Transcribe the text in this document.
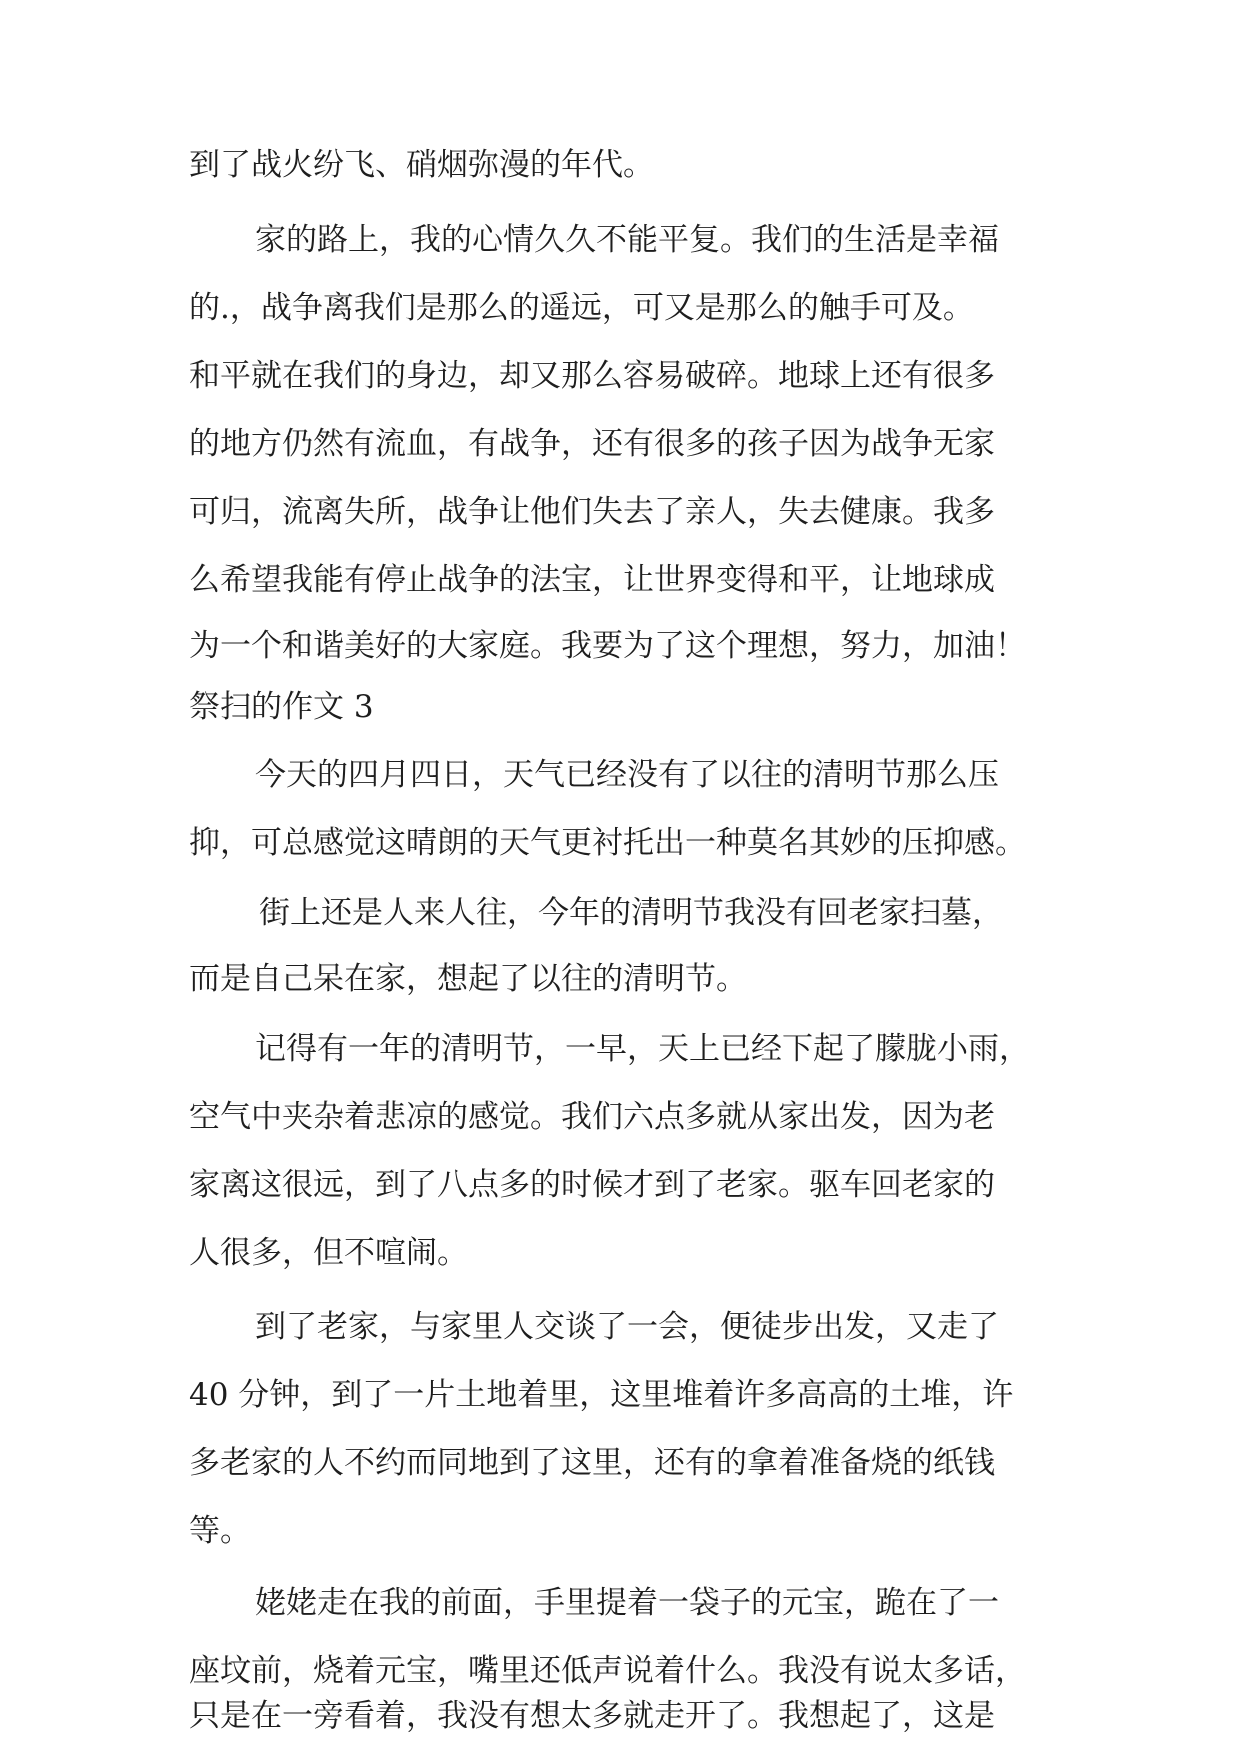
到了战火纷飞、硝烟弥漫的年代。
家的路上，我的心情久久不能平复。我们的生活是幸福
的.，战争离我们是那么的遥远，可又是那么的触手可及。
和平就在我们的身边，却又那么容易破碎。地球上还有很多
的地方仍然有流血，有战争，还有很多的孩子因为战争无家
可归，流离失所，战争让他们失去了亲人，失去健康。我多
么希望我能有停止战争的法宝，让世界变得和平，让地球成
为一个和谐美好的大家庭。我要为了这个理想，努力，加油！
祭扫的作文 3
今天的四月四日，天气已经没有了以往的清明节那么压
抑，可总感觉这晴朗的天气更衬托出一种莫名其妙的压抑感。
街上还是人来人往，今年的清明节我没有回老家扫墓，
而是自己呆在家，想起了以往的清明节。
记得有一年的清明节，一早，天上已经下起了朦胧小雨，
空气中夹杂着悲凉的感觉。我们六点多就从家出发，因为老
家离这很远，到了八点多的时候才到了老家。驱车回老家的
人很多，但不喧闹。
到了老家，与家里人交谈了一会，便徒步出发，又走了
40 分钟，到了一片土地着里，这里堆着许多高高的土堆，许
多老家的人不约而同地到了这里，还有的拿着准备烧的纸钱
等。
姥姥走在我的前面，手里提着一袋子的元宝，跪在了一
座坟前，烧着元宝，嘴里还低声说着什么。我没有说太多话，
只是在一旁看着，我没有想太多就走开了。我想起了，这是
